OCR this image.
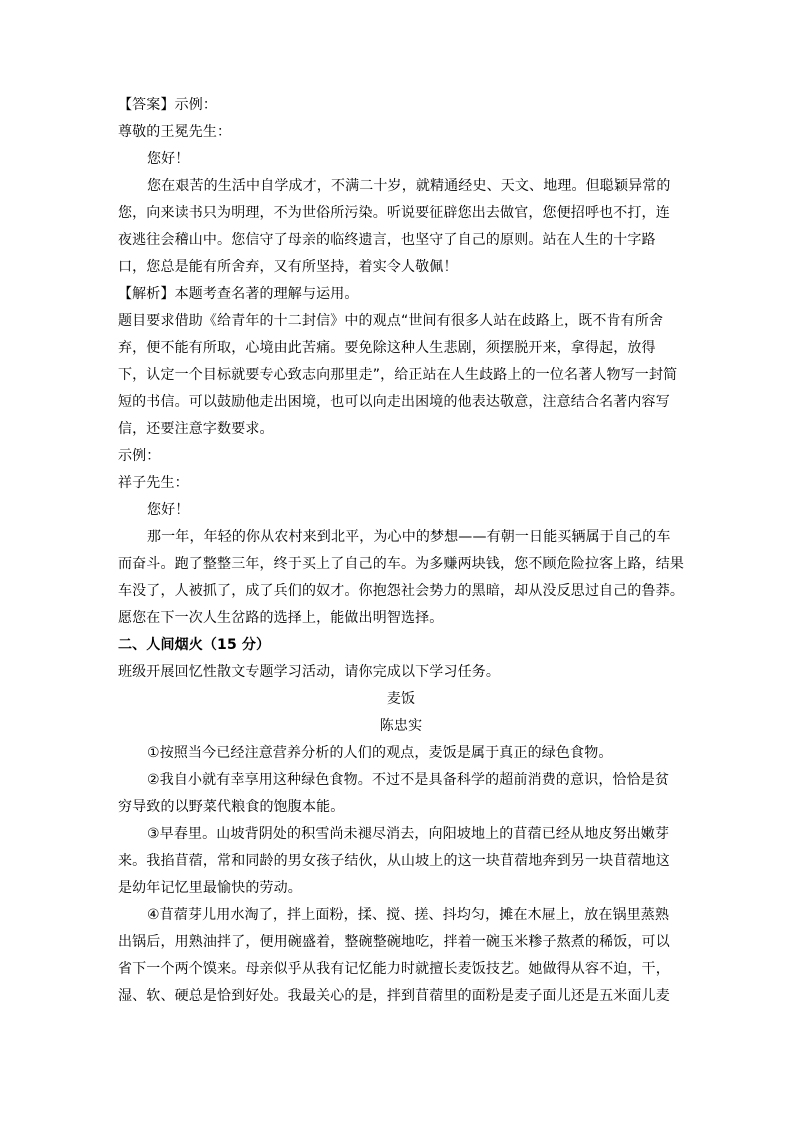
【答案】示例：
尊敬的王冕先生：
您好！
您在艰苦的生活中自学成才，不满二十岁，就精通经史、天文、地理。但聪颖异常的
您，向来读书只为明理，不为世俗所污染。听说要征辟您出去做官，您便招呼也不打，连
夜逃往会稽山中。您信守了母亲的临终遗言，也坚守了自己的原则。站在人生的十字路
口，您总是能有所舍弃，又有所坚持，着实令人敬佩！
【解析】本题考查名著的理解与运用。
题目要求借助《给青年的十二封信》中的观点“世间有很多人站在歧路上，既不肯有所舍
弃，便不能有所取，心境由此苦痛。要免除这种人生悲剧，须摆脱开来，拿得起，放得
下，认定一个目标就要专心致志向那里走”，给正站在人生歧路上的一位名著人物写一封简
短的书信。可以鼓励他走出困境，也可以向走出困境的他表达敬意，注意结合名著内容写
信，还要注意字数要求。
示例：
祥子先生：
您好！
那一年，年轻的你从农村来到北平，为心中的梦想——有朝一日能买辆属于自己的车
而奋斗。跑了整整三年，终于买上了自己的车。为多赚两块钱，您不顾危险拉客上路，结果
车没了，人被抓了，成了兵们的奴才。你抱怨社会势力的黑暗，却从没反思过自己的鲁莽。
愿您在下一次人生岔路的选择上，能做出明智选择。
二、人间烟火（15 分）
班级开展回忆性散文专题学习活动，请你完成以下学习任务。
麦饭
陈忠实
①按照当今已经注意营养分析的人们的观点，麦饭是属于真正的绿色食物。
②我自小就有幸享用这种绿色食物。不过不是具备科学的超前消费的意识，恰恰是贫
穷导致的以野菜代粮食的饱腹本能。
③早春里。山坡背阴处的积雪尚未褪尽消去，向阳坡地上的苜蓿已经从地皮努出嫩芽
来。我掐苜蓿，常和同龄的男女孩子结伙，从山坡上的这一块苜蓿地奔到另一块苜蓿地这
是幼年记忆里最愉快的劳动。
④苜蓿芽儿用水淘了，拌上面粉，揉、搅、搓、抖均匀，摊在木屉上，放在锅里蒸熟
出锅后，用熟油拌了，便用碗盛着，整碗整碗地吃，拌着一碗玉米糁子熬煮的稀饭，可以
省下一个两个馍来。母亲似乎从我有记忆能力时就擅长麦饭技艺。她做得从容不迫，干，
湿、软、硬总是恰到好处。我最关心的是，拌到苜蓿里的面粉是麦子面儿还是五米面儿麦
